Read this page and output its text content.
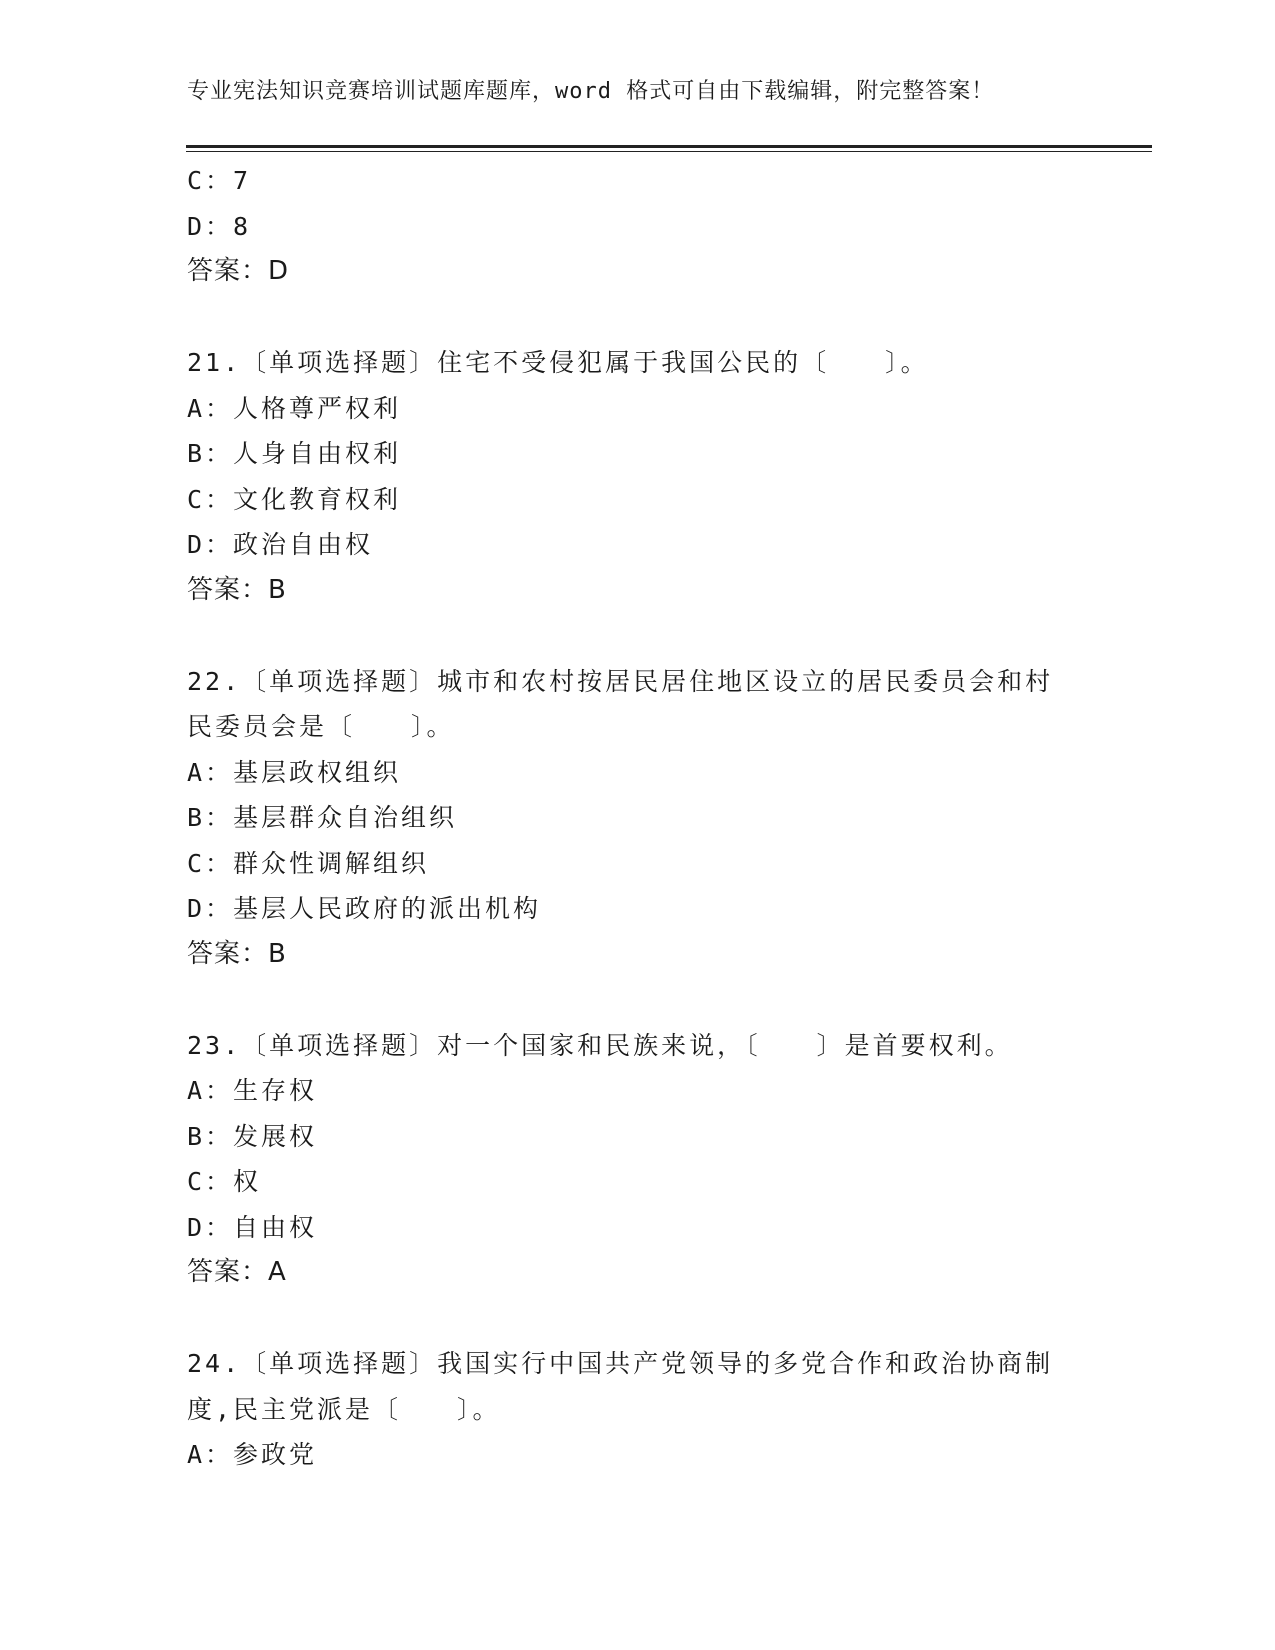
专业宪法知识竞赛培训试题库题库，word 格式可自由下载编辑，附完整答案！
C：7
D：8
答案：D
21.〔单项选择题〕住宅不受侵犯属于我国公民的〔　　〕。
A：人格尊严权利
B：人身自由权利
C：文化教育权利
D：政治自由权
答案：B
22.〔单项选择题〕城市和农村按居民居住地区设立的居民委员会和村
民委员会是〔　　〕。
A：基层政权组织
B：基层群众自治组织
C：群众性调解组织
D：基层人民政府的派出机构
答案：B
23.〔单项选择题〕对一个国家和民族来说，〔　　〕是首要权利。
A：生存权
B：发展权
C：权
D：自由权
答案：A
24.〔单项选择题〕我国实行中国共产党领导的多党合作和政治协商制
度,民主党派是〔　　〕。
A：参政党
